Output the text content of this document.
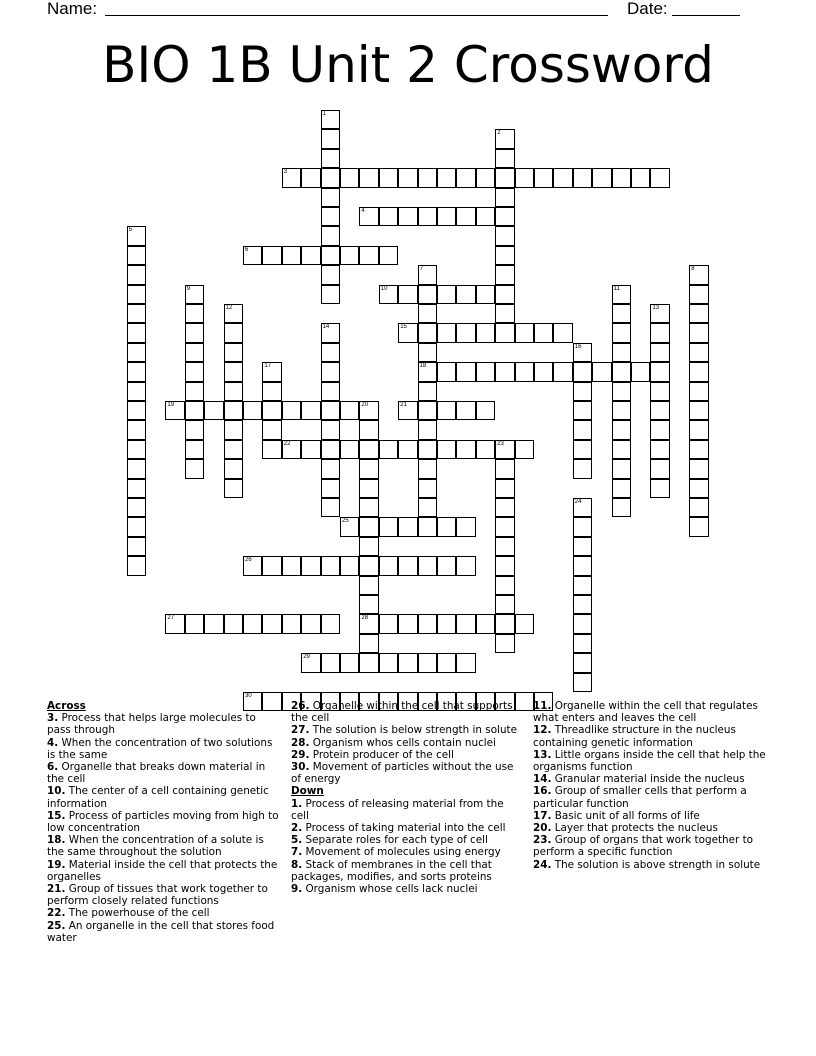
Name:	Date:
BIO 1B Unit 2 Crossword
1
2
3
4
5
6
7
18
8
9	10	11
12	13
14	15
16
17
19	20
28
21
22	23
24
25
26
27
29
30
Across
3. Process that helps large molecules to pass through
4. When the concentration of two solutions is the same
6. Organelle that breaks down material in the cell
10. The center of a cell containing genetic information
15. Process of particles moving from high to low concentration
18. When the concentration of a solute is the same throughout the solution
19. Material inside the cell that protects the organelles
21. Group of tissues that work together to perform closely related functions
22. The powerhouse of the cell
25. An organelle in the cell that stores food water
26. Organelle within the cell that supports the cell
27. The solution is below strength in solute
28. Organism whos cells contain nuclei
29. Protein producer of the cell
30. Movement of particles without the use of energy
Down
1. Process of releasing material from the cell
2. Process of taking material into the cell
5. Separate roles for each type of cell
7. Movement of molecules using energy
8. Stack of membranes in the cell that packages, modifies, and sorts proteins
9. Organism whose cells lack nuclei
11. Organelle within the cell that regulates what enters and leaves the cell
12. Threadlike structure in the nucleus containing genetic information
13. Little organs inside the cell that help the organisms function
14. Granular material inside the nucleus
16. Group of smaller cells that perform a particular function
17. Basic unit of all forms of life
20. Layer that protects the nucleus
23. Group of organs that work together to perform a specific function
24. The solution is above strength in solute
